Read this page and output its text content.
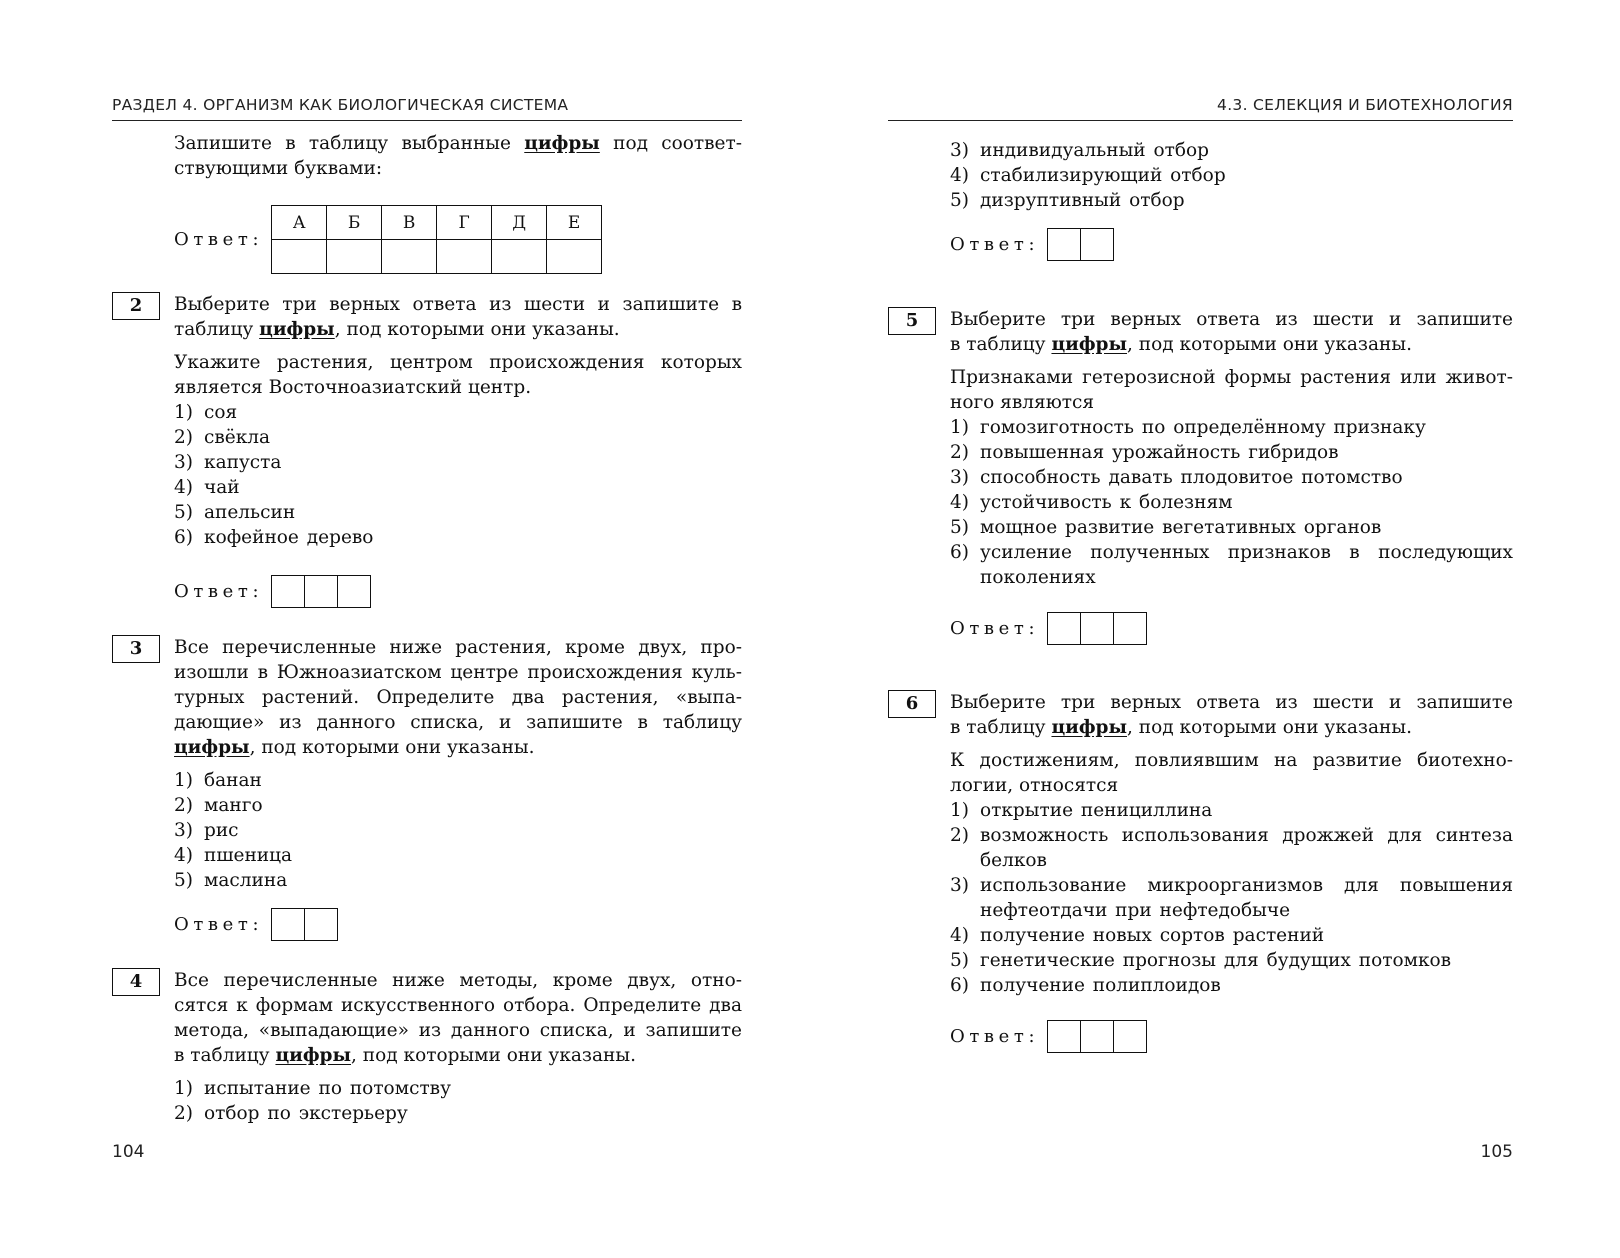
РАЗДЕЛ 4. ОРГАНИЗМ КАК БИОЛОГИЧЕСКАЯ СИСТЕМА
Запишите в таблицу выбранные цифры под соответ-
ствующими буквами:
Ответ:
А	Б	В	Г	Д	Е

2	Выберите три верных ответа из шести и запишите в
таблицу цифры, под которыми они указаны.
Укажите растения, центром происхождения которых
является Восточноазиатский центр.
1) соя
2) свёкла
3) капуста
4) чай
5) апельсин
6) кофейное дерево
Ответ:
3	Все перечисленные ниже растения, кроме двух, про-
изошли в Южноазиатском центре происхождения куль-
турных растений. Определите два растения, «выпа-
дающие» из данного списка, и запишите в таблицу
цифры, под которыми они указаны.
1) банан
2) манго
3) рис
4) пшеница
5) маслина
Ответ:
4	Все перечисленные ниже методы, кроме двух, отно-
сятся к формам искусственного отбора. Определите два
метода, «выпадающие» из данного списка, и запишите
в таблицу цифры, под которыми они указаны.
1) испытание по потомству
2) отбор по экстерьеру
104
4.3. СЕЛЕКЦИЯ И БИОТЕХНОЛОГИЯ
3) индивидуальный отбор
4) стабилизирующий отбор
5) дизруптивный отбор
Ответ:
5	Выберите три верных ответа из шести и запишите
в таблицу цифры, под которыми они указаны.
Признаками гетерозисной формы растения или живот-
ного являются
1) гомозиготность по определённому признаку
2) повышенная урожайность гибридов
3) способность давать плодовитое потомство
4) устойчивость к болезням
5) мощное развитие вегетативных органов
6) усиление полученных признаков в последующих
поколениях
Ответ:
6	Выберите три верных ответа из шести и запишите
в таблицу цифры, под которыми они указаны.
К достижениям, повлиявшим на развитие биотехно-
логии, относятся
1) открытие пенициллина
2) возможность использования дрожжей для синтеза
белков
3) использование микроорганизмов для повышения
нефтеотдачи при нефтедобыче
4) получение новых сортов растений
5) генетические прогнозы для будущих потомков
6) получение полиплоидов
Ответ:
105
